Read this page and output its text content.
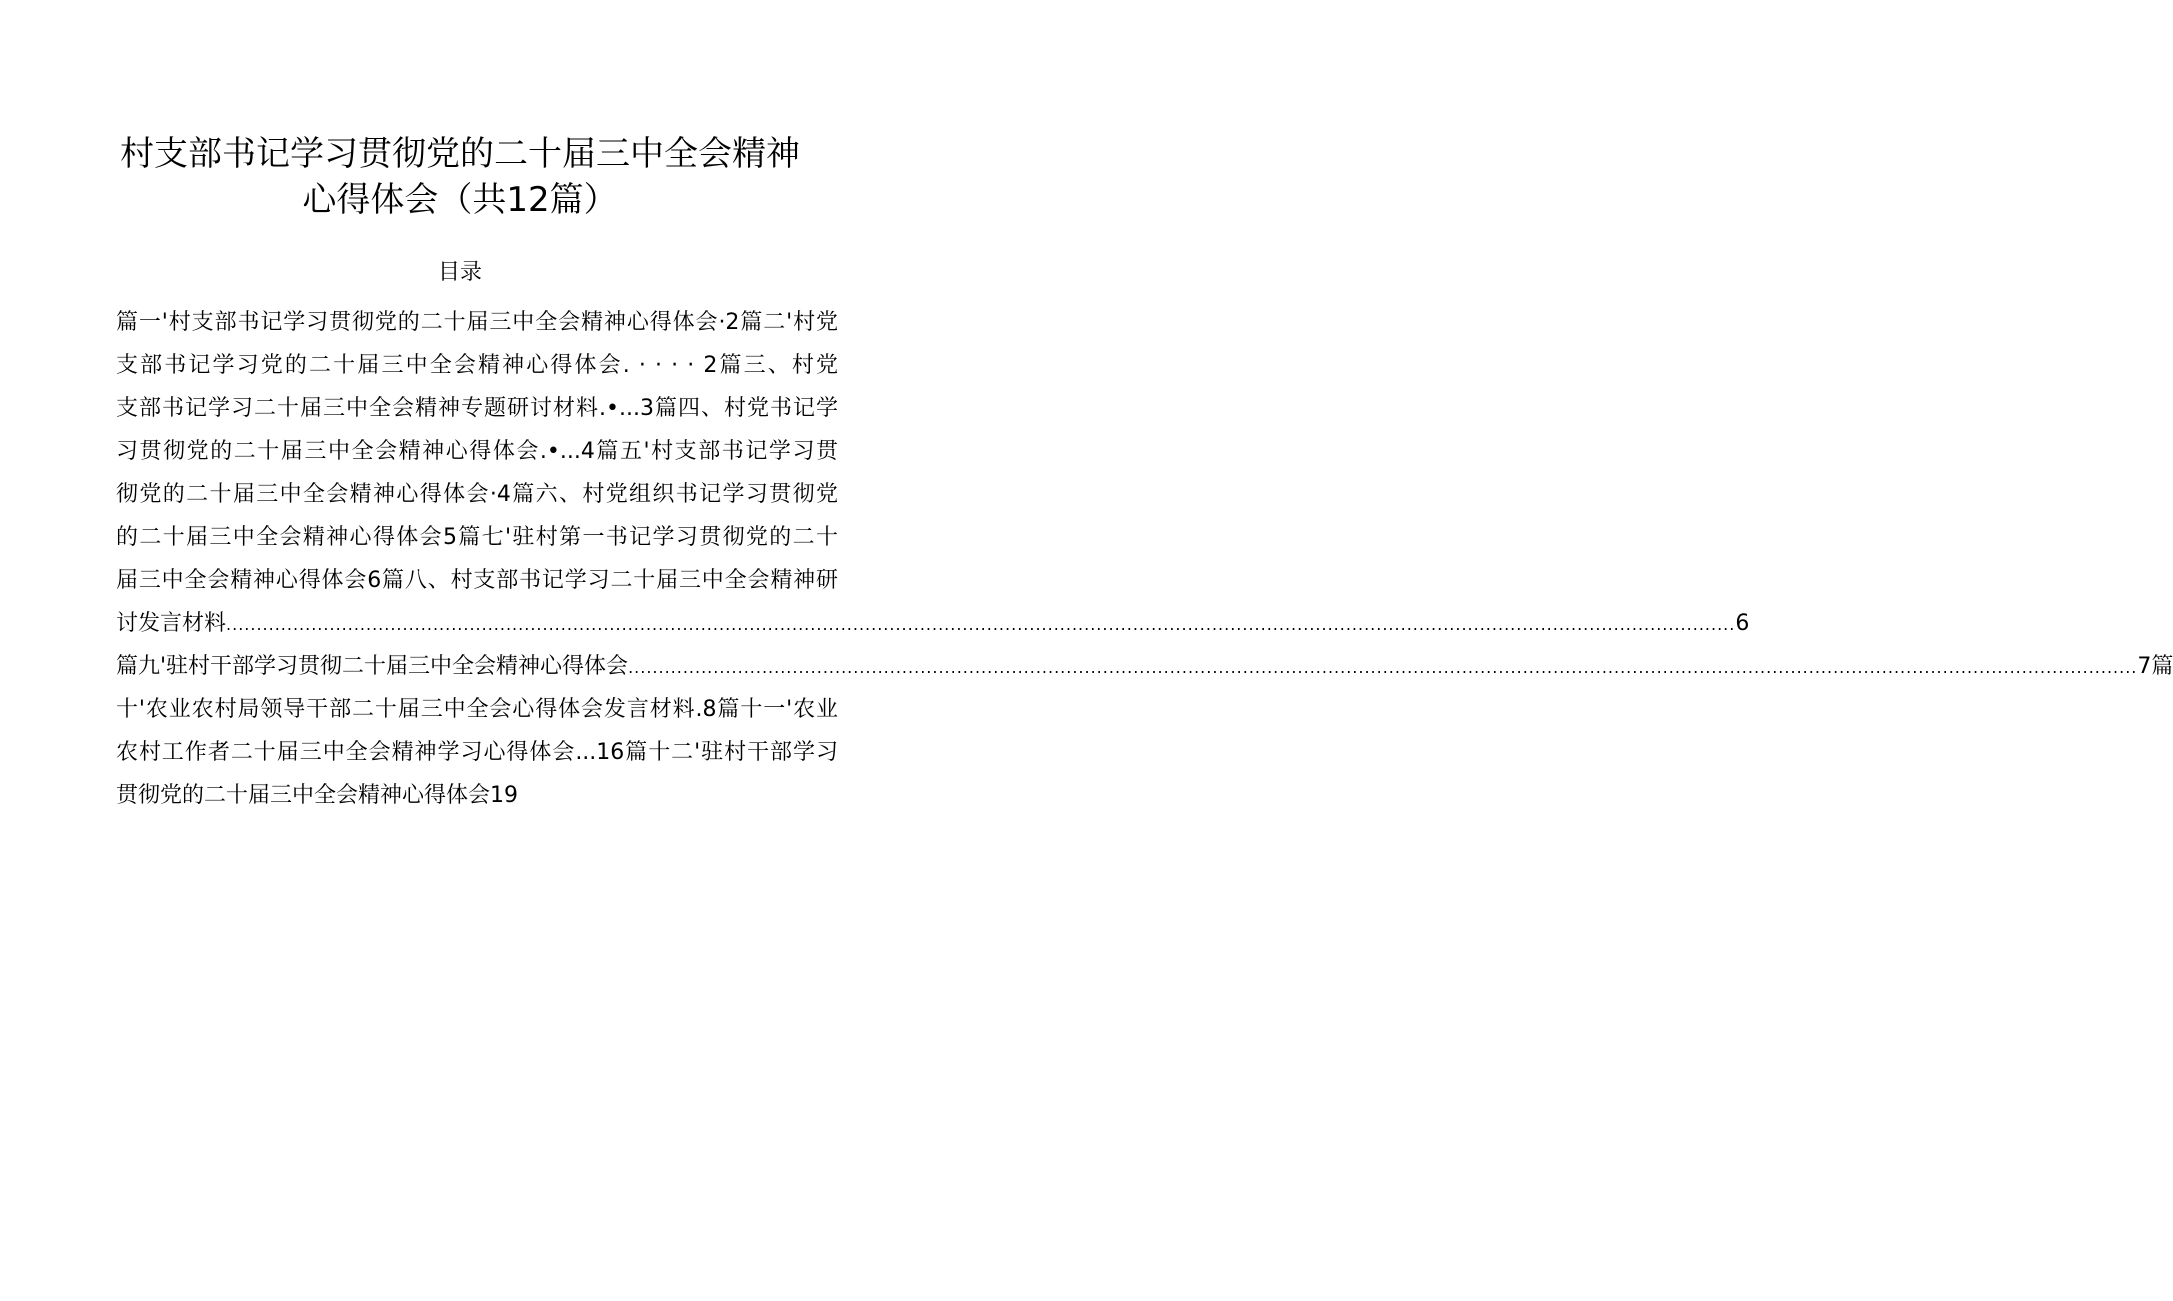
村支部书记学习贯彻党的二十届三中全会精神
心得体会（共12篇）
目录
篇一'村支部书记学习贯彻党的二十届三中全会精神心得体会·2篇二'村党
支部书记学习党的二十届三中全会精神心得体会. · · · · 2篇三、村党
支部书记学习二十届三中全会精神专题研讨材料.•...3篇四、村党书记学
习贯彻党的二十届三中全会精神心得体会.•...4篇五'村支部书记学习贯
彻党的二十届三中全会精神心得体会·4篇六、村党组织书记学习贯彻党
的二十届三中全会精神心得体会5篇七'驻村第一书记学习贯彻党的二十
届三中全会精神心得体会6篇八、村支部书记学习二十届三中全会精神研
讨发言材料 ........................................................................................................................................................................................................................................................ 6
篇九'驻村干部学习贯彻二十届三中全会精神心得体会 ........................................................................................................................................................................................................................................................ 7篇
十'农业农村局领导干部二十届三中全会心得体会发言材料.8篇十一'农业
农村工作者二十届三中全会精神学习心得体会...16篇十二'驻村干部学习
贯彻党的二十届三中全会精神心得体会19
